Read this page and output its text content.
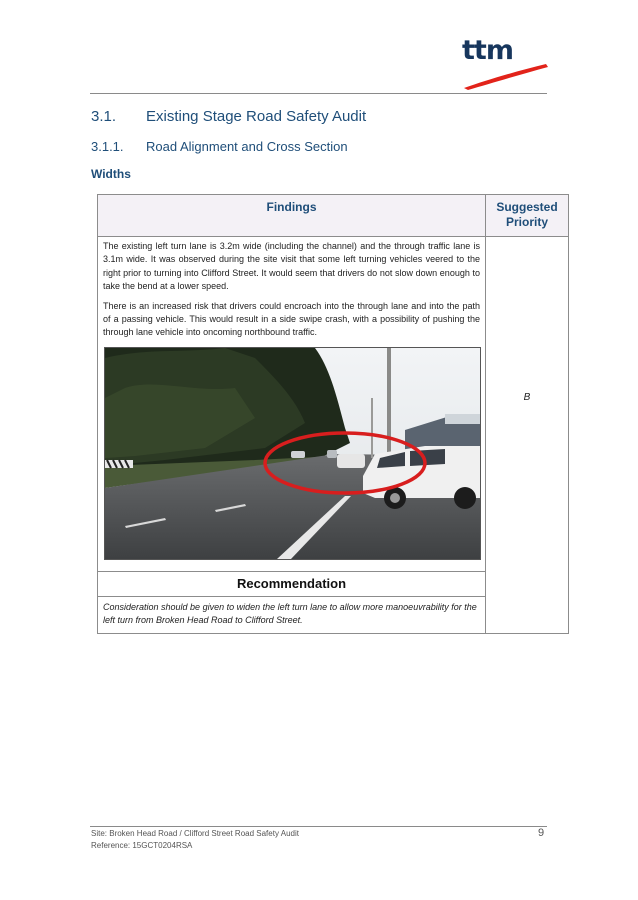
ttm
3.1. Existing Stage Road Safety Audit
3.1.1. Road Alignment and Cross Section
Widths
Findings	Suggested Priority

The existing left turn lane is 3.2m wide (including the channel) and the through traffic lane is 3.1m wide. It was observed during the site visit that some left turning vehicles veered to the right prior to turning into Clifford Street. It would seem that drivers do not slow down enough to take the bend at a lower speed.

There is an increased risk that drivers could encroach into the through lane and into the path of a passing vehicle. This would result in a side swipe crash, with a possibility of pushing the through lane vehicle into oncoming northbound traffic.

B
Recommendation
Consideration should be given to widen the left turn lane to allow more manoeuvrability for the left turn from Broken Head Road to Clifford Street.
Site: Broken Head Road / Clifford Street Road Safety Audit
Reference: 15GCT0204RSA
9
